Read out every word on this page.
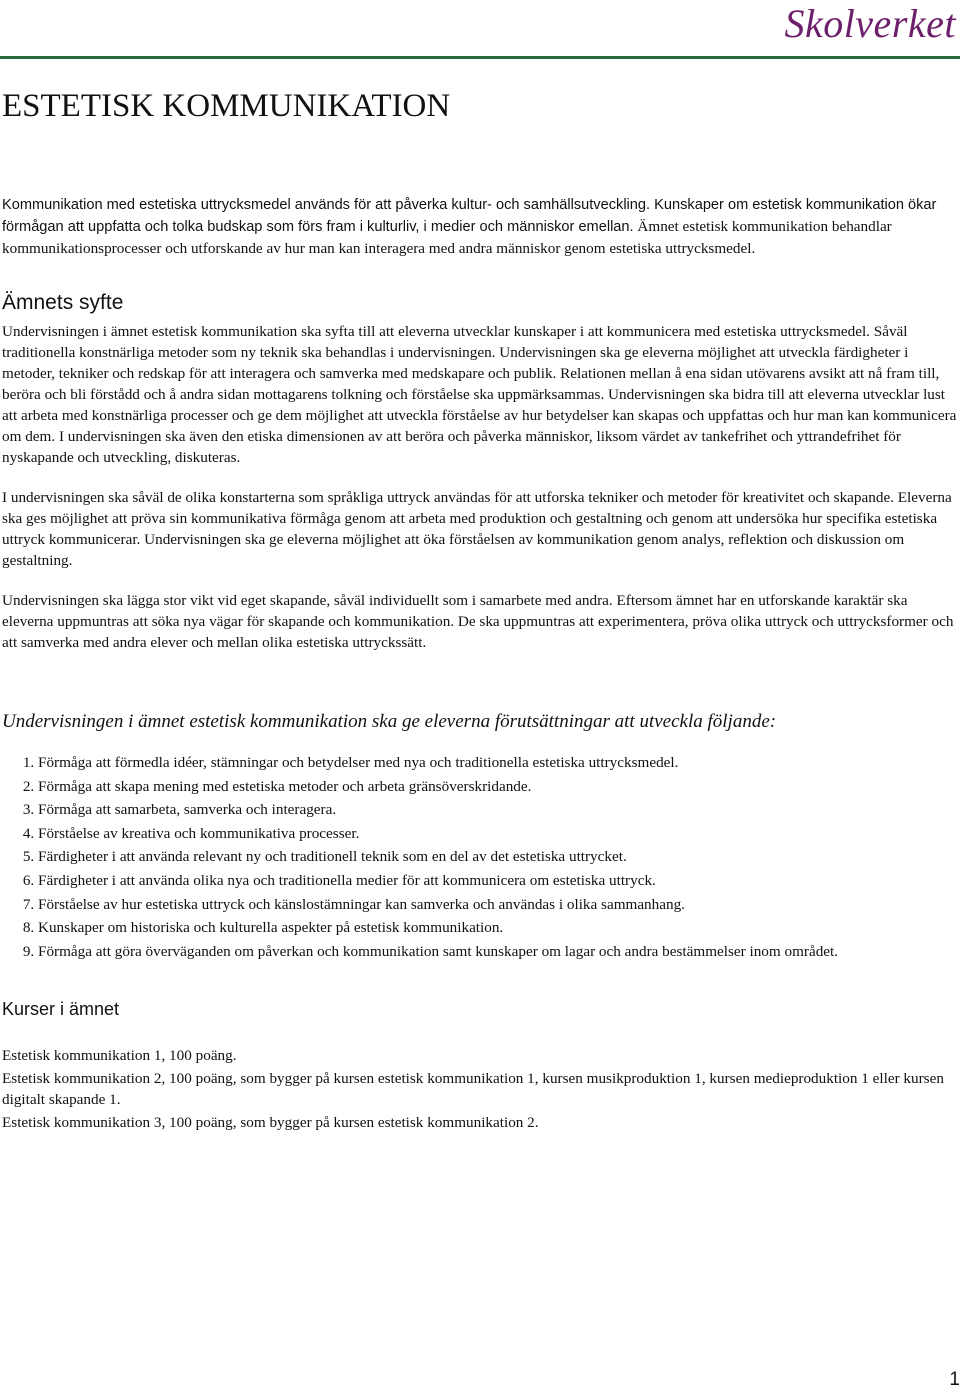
Skolverket
ESTETISK KOMMUNIKATION

Kommunikation med estetiska uttrycksmedel används för att påverka kultur- och samhällsutveckling. Kunskaper om estetisk kommunikation ökar förmågan att uppfatta och tolka budskap som förs fram i kulturliv, i medier och människor emellan. Ämnet estetisk kommunikation behandlar kommunikationsprocesser och utforskande av hur man kan interagera med andra människor genom estetiska uttrycksmedel.

Ämnets syfte

Undervisningen i ämnet estetisk kommunikation ska syfta till att eleverna utvecklar kunskaper i att kommunicera med estetiska uttrycksmedel. Såväl traditionella konstnärliga metoder som ny teknik ska behandlas i undervisningen. Undervisningen ska ge eleverna möjlighet att utveckla färdigheter i metoder, tekniker och redskap för att interagera och samverka med medskapare och publik. Relationen mellan å ena sidan utövarens avsikt att nå fram till, beröra och bli förstådd och å andra sidan mottagarens tolkning och förståelse ska uppmärksammas. Undervisningen ska bidra till att eleverna utvecklar lust att arbeta med konstnärliga processer och ge dem möjlighet att utveckla förståelse av hur betydelser kan skapas och uppfattas och hur man kan kommunicera om dem. I undervisningen ska även den etiska dimensionen av att beröra och påverka människor, liksom värdet av tankefrihet och yttrandefrihet för nyskapande och utveckling, diskuteras.

I undervisningen ska såväl de olika konstarterna som språkliga uttryck användas för att utforska tekniker och metoder för kreativitet och skapande. Eleverna ska ges möjlighet att pröva sin kommunikativa förmåga genom att arbeta med produktion och gestaltning och genom att undersöka hur specifika estetiska uttryck kommunicerar. Undervisningen ska ge eleverna möjlighet att öka förståelsen av kommunikation genom analys, reflektion och diskussion om gestaltning.

Undervisningen ska lägga stor vikt vid eget skapande, såväl individuellt som i samarbete med andra. Eftersom ämnet har en utforskande karaktär ska eleverna uppmuntras att söka nya vägar för skapande och kommunikation. De ska uppmuntras att experimentera, pröva olika uttryck och uttrycksformer och att samverka med andra elever och mellan olika estetiska uttryckssätt.

Undervisningen i ämnet estetisk kommunikation ska ge eleverna förutsättningar att utveckla följande:
1. Förmåga att förmedla idéer, stämningar och betydelser med nya och traditionella estetiska uttrycksmedel.
2. Förmåga att skapa mening med estetiska metoder och arbeta gränsöverskridande.
3. Förmåga att samarbeta, samverka och interagera.
4. Förståelse av kreativa och kommunikativa processer.
5. Färdigheter i att använda relevant ny och traditionell teknik som en del av det estetiska uttrycket.
6. Färdigheter i att använda olika nya och traditionella medier för att kommunicera om estetiska uttryck.
7. Förståelse av hur estetiska uttryck och känslostämningar kan samverka och användas i olika sammanhang.
8. Kunskaper om historiska och kulturella aspekter på estetisk kommunikation.
9. Förmåga att göra överväganden om påverkan och kommunikation samt kunskaper om lagar och andra bestämmelser inom området.
Kurser i ämnet

Estetisk kommunikation 1, 100 poäng.

Estetisk kommunikation 2, 100 poäng, som bygger på kursen estetisk kommunikation 1, kursen musikproduktion 1, kursen medieproduktion 1 eller kursen digitalt skapande 1.

Estetisk kommunikation 3, 100 poäng, som bygger på kursen estetisk kommunikation 2.

1
